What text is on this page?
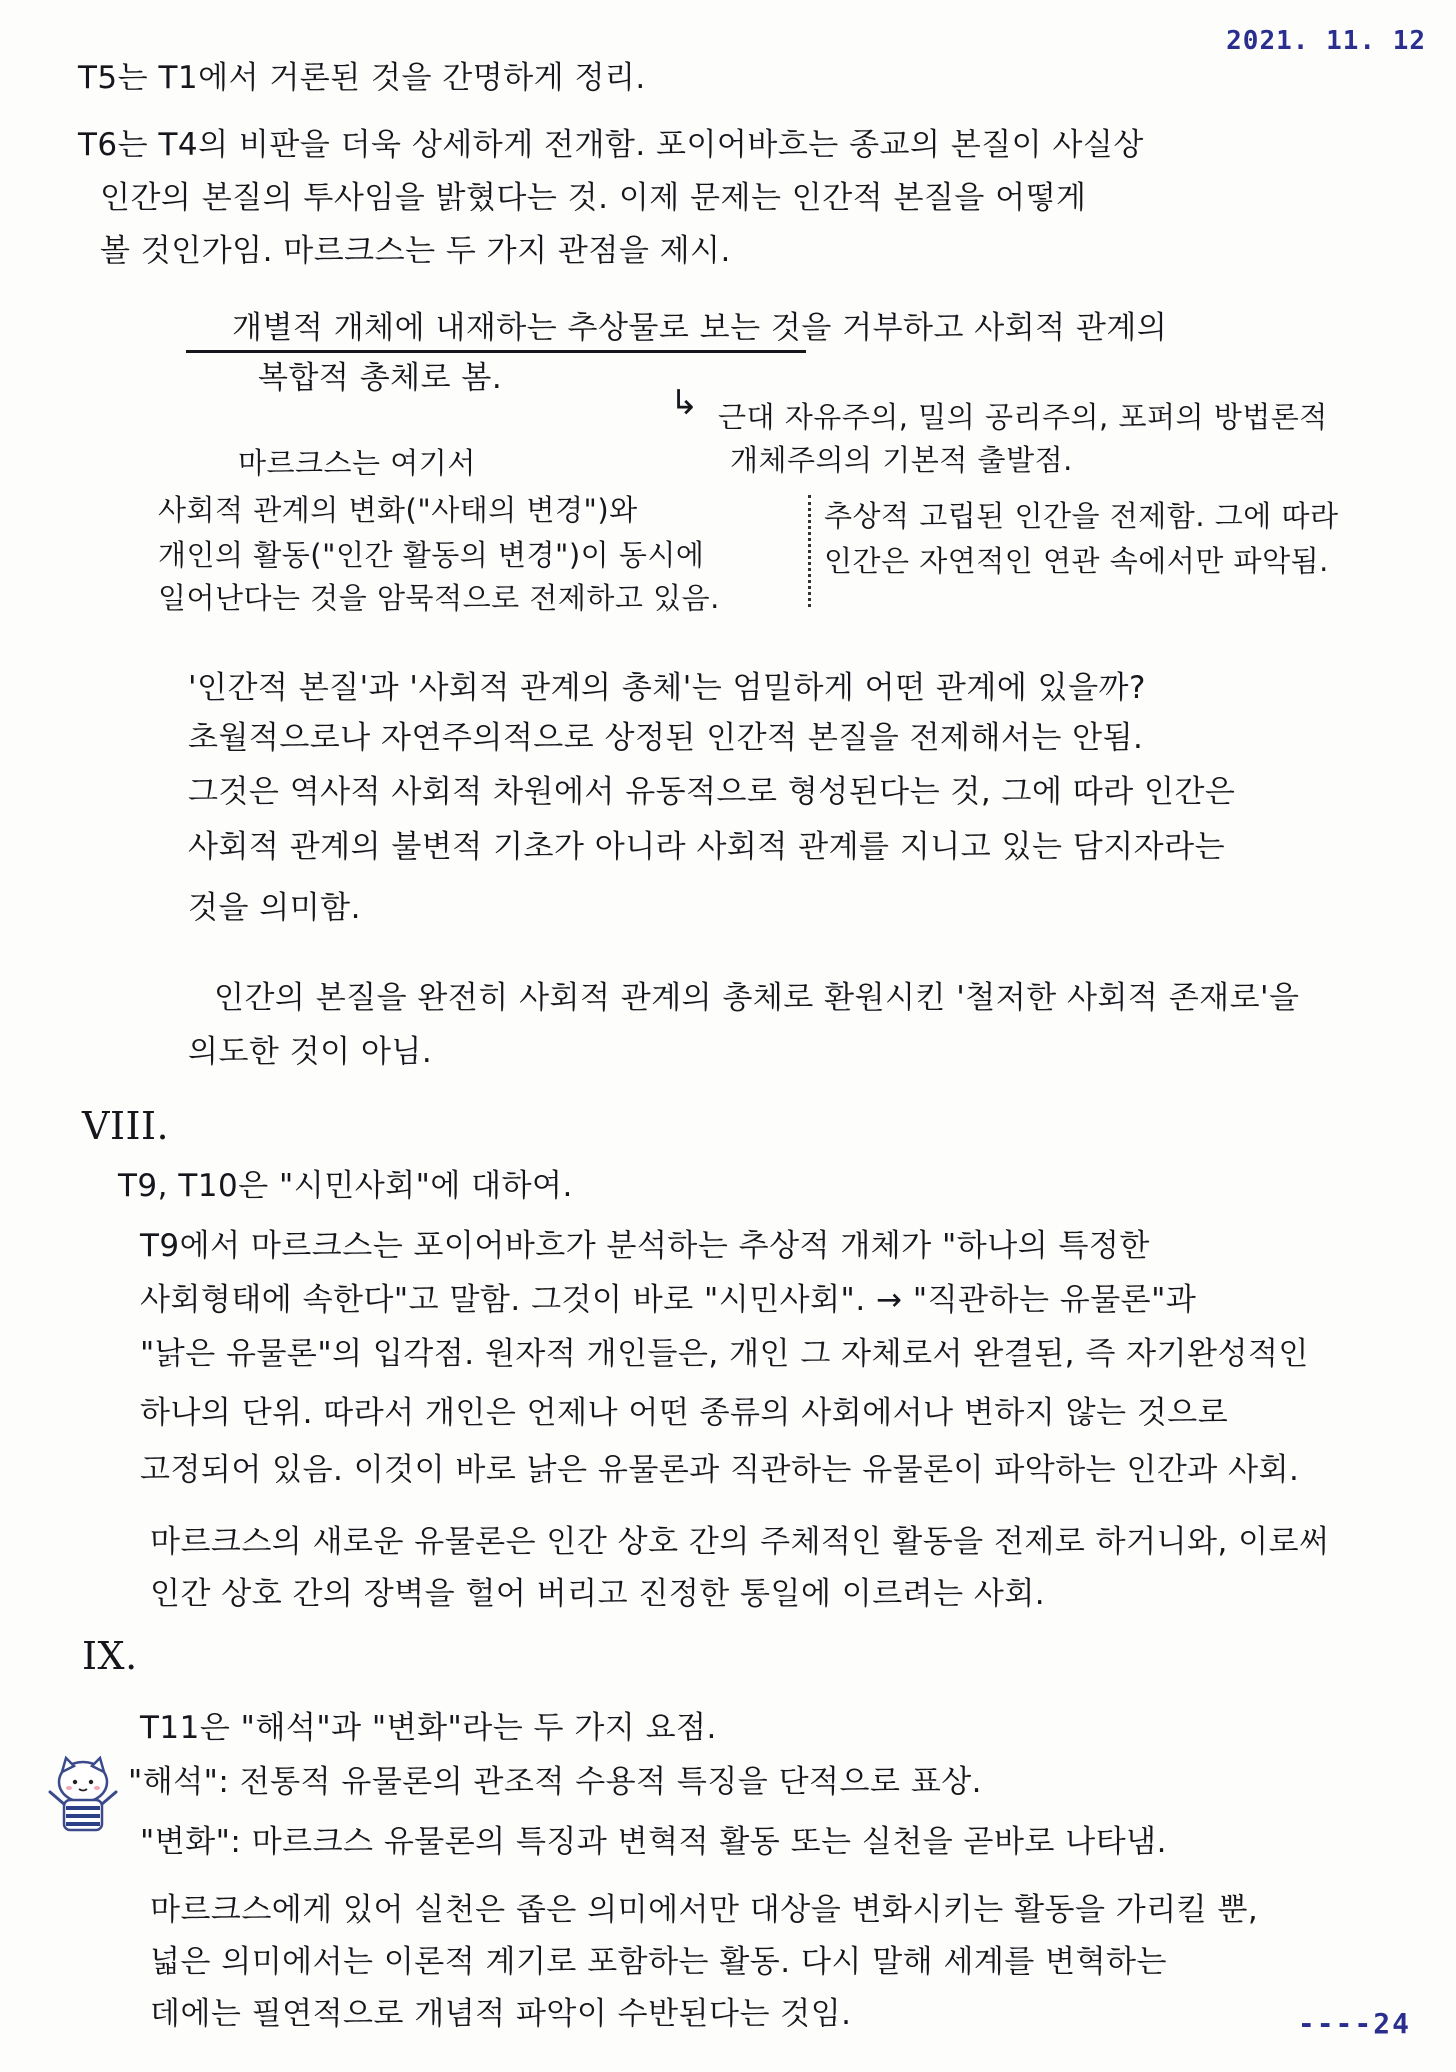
2021. 11. 12
T5는 T1에서 거론된 것을 간명하게 정리.
T6는 T4의 비판을 더욱 상세하게 전개함. 포이어바흐는 종교의 본질이 사실상
인간의 본질의 투사임을 밝혔다는 것. 이제 문제는 인간적 본질을 어떻게
볼 것인가임. 마르크스는 두 가지 관점을 제시.
개별적 개체에 내재하는 추상물로 보는 것을 거부하고 사회적 관계의
복합적 총체로 봄.
↳ 근대 자유주의, 밀의 공리주의, 포퍼의 방법론적
개체주의의 기본적 출발점.
마르크스는 여기서
사회적 관계의 변화("사태의 변경")와
개인의 활동("인간 활동의 변경")이 동시에
일어난다는 것을 암묵적으로 전제하고 있음.
추상적 고립된 인간을 전제함. 그에 따라
인간은 자연적인 연관 속에서만 파악됨.
'인간적 본질'과 '사회적 관계의 총체'는 엄밀하게 어떤 관계에 있을까?
초월적으로나 자연주의적으로 상정된 인간적 본질을 전제해서는 안됨.
그것은 역사적 사회적 차원에서 유동적으로 형성된다는 것, 그에 따라 인간은
사회적 관계의 불변적 기초가 아니라 사회적 관계를 지니고 있는 담지자라는
것을 의미함.
인간의 본질을 완전히 사회적 관계의 총체로 환원시킨 '철저한 사회적 존재로'을
의도한 것이 아님.
VIII.
T9, T10은 "시민사회"에 대하여.
T9에서 마르크스는 포이어바흐가 분석하는 추상적 개체가 "하나의 특정한
사회형태에 속한다"고 말함. 그것이 바로 "시민사회". → "직관하는 유물론"과
"낡은 유물론"의 입각점. 원자적 개인들은, 개인 그 자체로서 완결된, 즉 자기완성적인
하나의 단위. 따라서 개인은 언제나 어떤 종류의 사회에서나 변하지 않는 것으로
고정되어 있음. 이것이 바로 낡은 유물론과 직관하는 유물론이 파악하는 인간과 사회.
마르크스의 새로운 유물론은 인간 상호 간의 주체적인 활동을 전제로 하거니와, 이로써
인간 상호 간의 장벽을 헐어 버리고 진정한 통일에 이르려는 사회.
IX.
T11은 "해석"과 "변화"라는 두 가지 요점.
"해석": 전통적 유물론의 관조적 수용적 특징을 단적으로 표상.
"변화": 마르크스 유물론의 특징과 변혁적 활동 또는 실천을 곧바로 나타냄.
마르크스에게 있어 실천은 좁은 의미에서만 대상을 변화시키는 활동을 가리킬 뿐,
넓은 의미에서는 이론적 계기로 포함하는 활동. 다시 말해 세계를 변혁하는
데에는 필연적으로 개념적 파악이 수반된다는 것임.	----24
